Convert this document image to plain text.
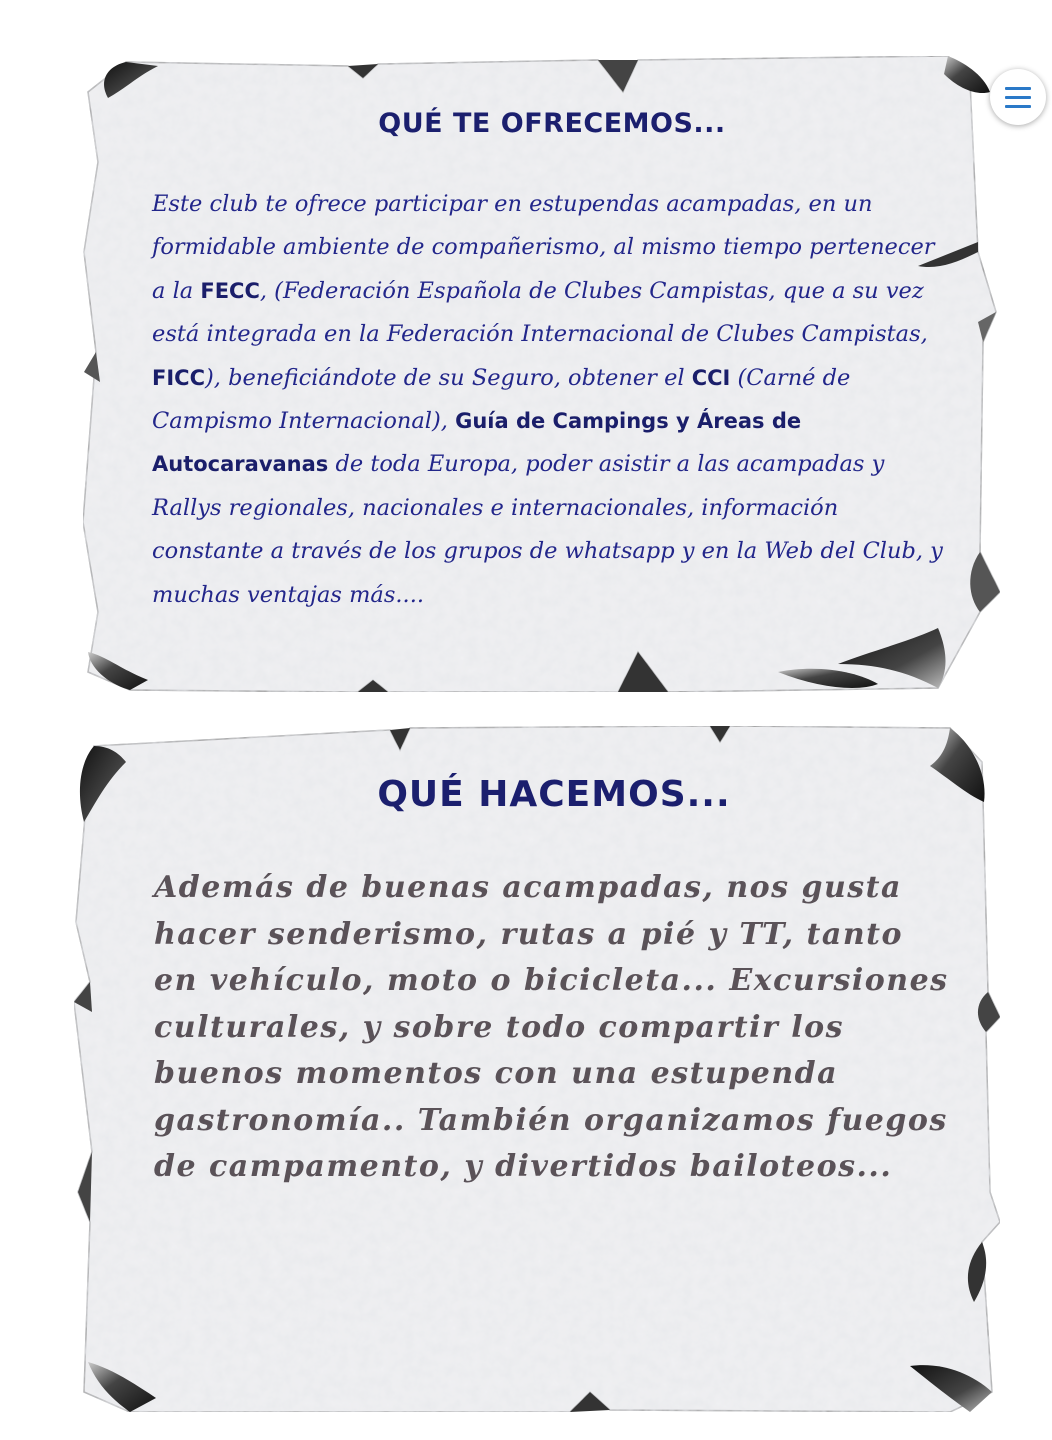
QUÉ TE OFRECEMOS...

Este club te ofrece participar en estupendas acampadas, en un formidable ambiente de compañerismo, al mismo tiempo pertenecer a la FECC, (Federación Española de Clubes Campistas, que a su vez está integrada en la Federación Internacional de Clubes Campistas, FICC), beneficiándote de su Seguro, obtener el CCI (Carné de Campismo Internacional), Guía de Campings y Áreas de Autocaravanas de toda Europa, poder asistir a las acampadas y Rallys regionales, nacionales e internacionales, información constante a través de los grupos de whatsapp y en la Web del Club, y muchas ventajas más....

QUÉ HACEMOS...

Además de buenas acampadas, nos gusta hacer senderismo, rutas a pié y TT, tanto en vehículo, moto o bicicleta... Excursiones culturales, y sobre todo compartir los buenos momentos con una estupenda gastronomía.. También organizamos fuegos de campamento, y divertidos bailoteos...
